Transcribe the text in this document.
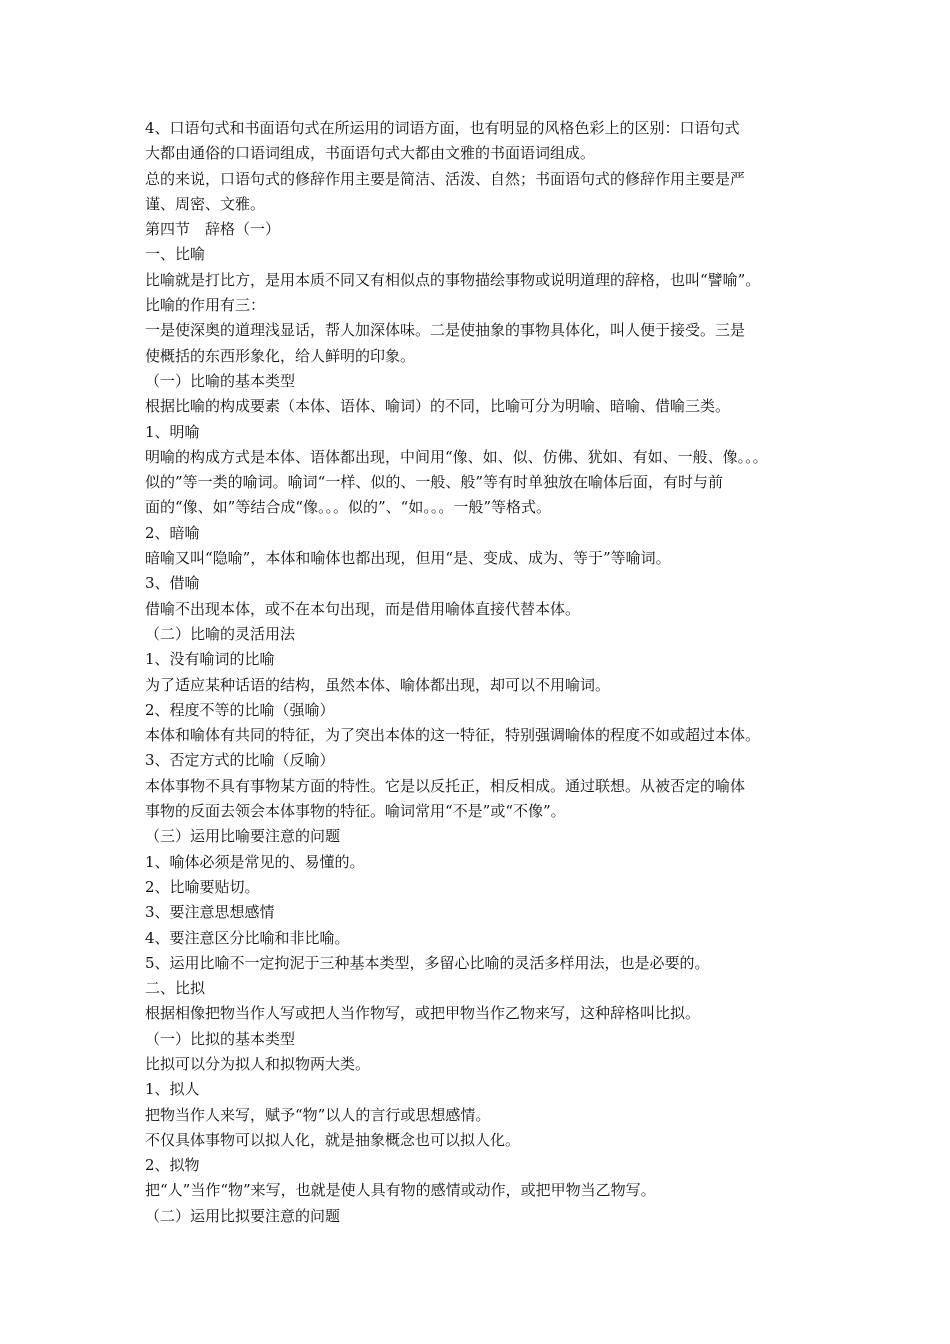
4、口语句式和书面语句式在所运用的词语方面，也有明显的风格色彩上的区别：口语句式
大都由通俗的口语词组成，书面语句式大都由文雅的书面语词组成。
总的来说，口语句式的修辞作用主要是简洁、活泼、自然；书面语句式的修辞作用主要是严
谨、周密、文雅。
第四节　辞格（一）
一、比喻
比喻就是打比方，是用本质不同又有相似点的事物描绘事物或说明道理的辞格，也叫“譬喻”。
比喻的作用有三：
一是使深奥的道理浅显话，帮人加深体味。二是使抽象的事物具体化，叫人便于接受。三是
使概括的东西形象化，给人鲜明的印象。
（一）比喻的基本类型
根据比喻的构成要素（本体、语体、喻词）的不同，比喻可分为明喻、暗喻、借喻三类。
1、明喻
明喻的构成方式是本体、语体都出现，中间用“像、如、似、仿佛、犹如、有如、一般、像。。。
似的”等一类的喻词。喻词“一样、似的、一般、般”等有时单独放在喻体后面，有时与前
面的“像、如”等结合成“像。。。似的”、“如。。。一般”等格式。
2、暗喻
暗喻又叫“隐喻”，本体和喻体也都出现，但用“是、变成、成为、等于”等喻词。
3、借喻
借喻不出现本体，或不在本句出现，而是借用喻体直接代替本体。
（二）比喻的灵活用法
1、没有喻词的比喻
为了适应某种话语的结构，虽然本体、喻体都出现，却可以不用喻词。
2、程度不等的比喻（强喻）
本体和喻体有共同的特征，为了突出本体的这一特征，特别强调喻体的程度不如或超过本体。
3、否定方式的比喻（反喻）
本体事物不具有事物某方面的特性。它是以反托正，相反相成。通过联想。从被否定的喻体
事物的反面去领会本体事物的特征。喻词常用“不是”或“不像”。
（三）运用比喻要注意的问题
1、喻体必须是常见的、易懂的。
2、比喻要贴切。
3、要注意思想感情
4、要注意区分比喻和非比喻。
5、运用比喻不一定拘泥于三种基本类型，多留心比喻的灵活多样用法，也是必要的。
二、比拟
根据相像把物当作人写或把人当作物写，或把甲物当作乙物来写，这种辞格叫比拟。
（一）比拟的基本类型
比拟可以分为拟人和拟物两大类。
1、拟人
把物当作人来写，赋予“物”以人的言行或思想感情。
不仅具体事物可以拟人化，就是抽象概念也可以拟人化。
2、拟物
把“人”当作“物”来写，也就是使人具有物的感情或动作，或把甲物当乙物写。
（二）运用比拟要注意的问题
